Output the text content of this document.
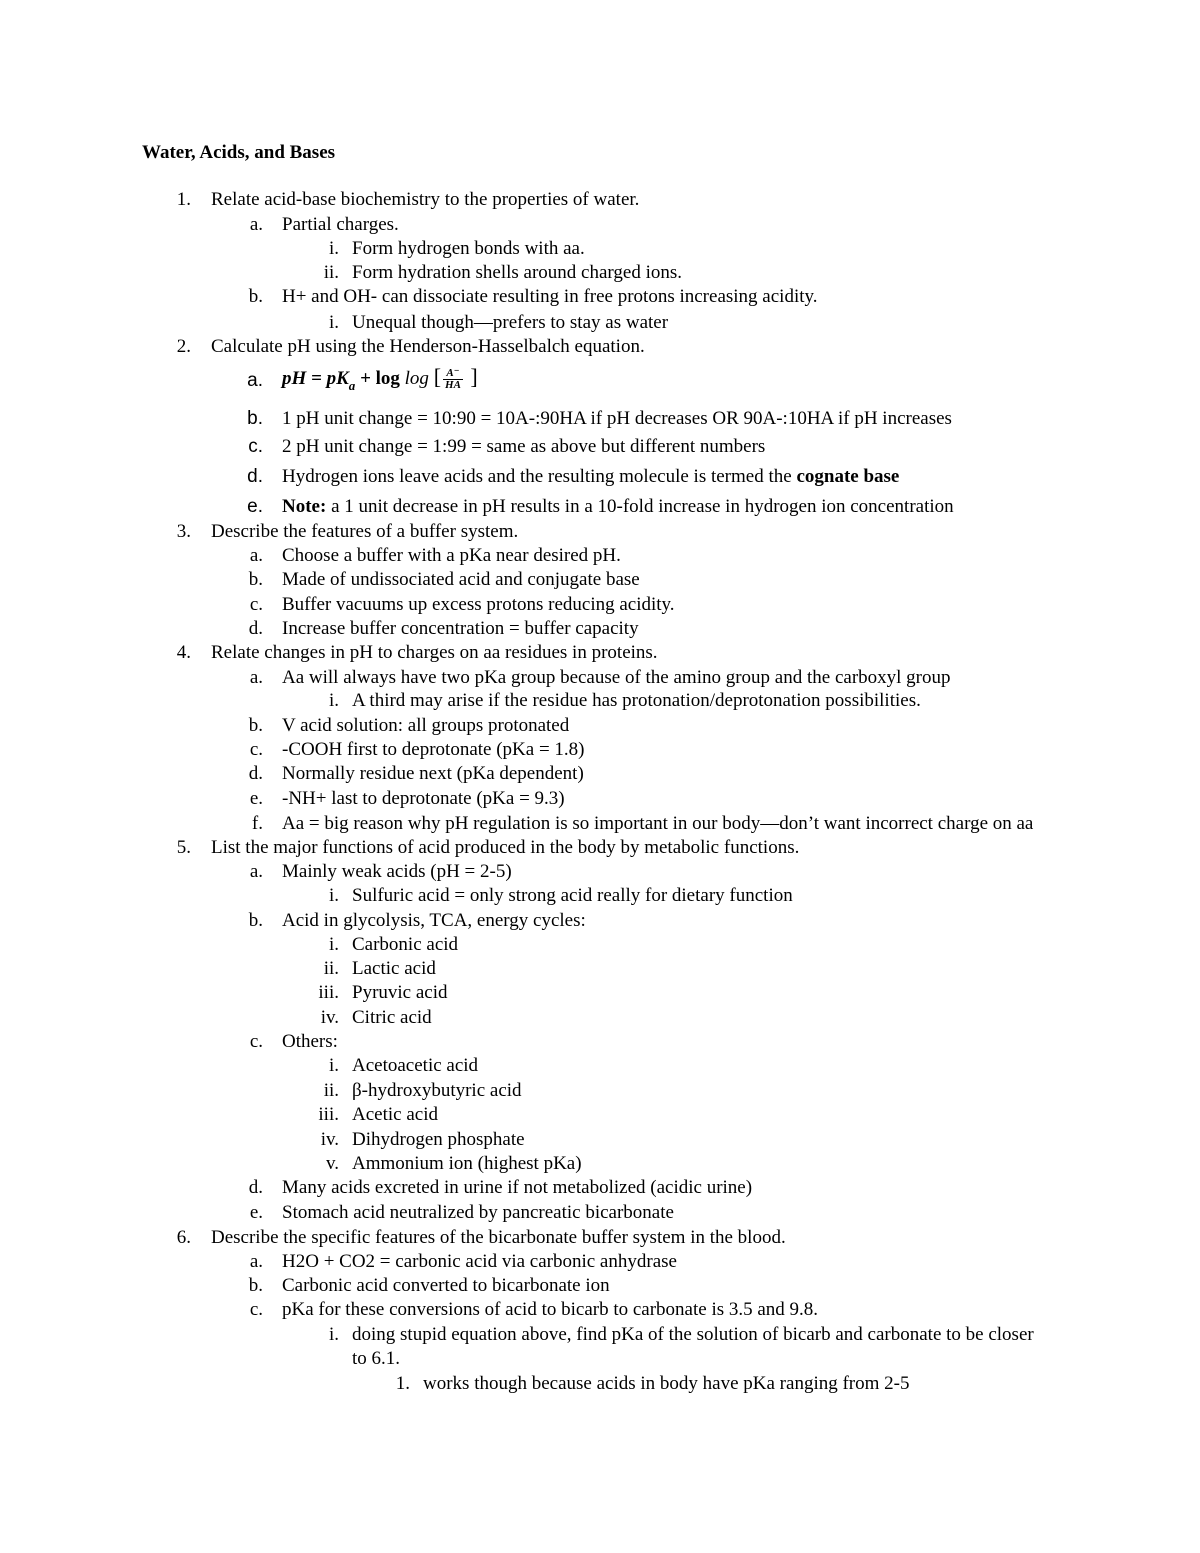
Water, Acids, and Bases
1. Relate acid-base biochemistry to the properties of water.
a. Partial charges.
i. Form hydrogen bonds with aa.
ii. Form hydration shells around charged ions.
b. H+ and OH- can dissociate resulting in free protons increasing acidity.
i. Unequal though—prefers to stay as water
2. Calculate pH using the Henderson-Hasselbalch equation.
a. pH = $pK_a + \log \log$ [ $\frac{A^-}{HA}$ ]
b. 1 pH unit change = 10:90 = 10A-:90HA if pH decreases OR 90A-:10HA if pH increases
c. 2 pH unit change = 1:99 = same as above but different numbers
d. Hydrogen ions leave acids and the resulting molecule is termed the cognate base
e. Note: a 1 unit decrease in pH results in a 10-fold increase in hydrogen ion concentration
3. Describe the features of a buffer system.
a. Choose a buffer with a pKa near desired pH.
b. Made of undissociated acid and conjugate base
c. Buffer vacuums up excess protons reducing acidity.
d. Increase buffer concentration = buffer capacity
4. Relate changes in pH to charges on aa residues in proteins.
a. Aa will always have two pKa group because of the amino group and the carboxyl group
i. A third may arise if the residue has protonation/deprotonation possibilities.
b. V acid solution: all groups protonated
c. -COOH first to deprotonate (pKa = 1.8)
d. Normally residue next (pKa dependent)
e. -NH+ last to deprotonate (pKa = 9.3)
f. Aa = big reason why pH regulation is so important in our body—don’t want incorrect charge on aa
5. List the major functions of acid produced in the body by metabolic functions.
a. Mainly weak acids (pH = 2-5)
i. Sulfuric acid = only strong acid really for dietary function
b. Acid in glycolysis, TCA, energy cycles:
i. Carbonic acid
ii. Lactic acid
iii. Pyruvic acid
iv. Citric acid
c. Others:
i. Acetoacetic acid
ii. β-hydroxybutyric acid
iii. Acetic acid
iv. Dihydrogen phosphate
v. Ammonium ion (highest pKa)
d. Many acids excreted in urine if not metabolized (acidic urine)
e. Stomach acid neutralized by pancreatic bicarbonate
6. Describe the specific features of the bicarbonate buffer system in the blood.
a. H2O + CO2 = carbonic acid via carbonic anhydrase
b. Carbonic acid converted to bicarbonate ion
c. pKa for these conversions of acid to bicarb to carbonate is 3.5 and 9.8.
i. doing stupid equation above, find pKa of the solution of bicarb and carbonate to be closer
to 6.1.
1. works though because acids in body have pKa ranging from 2-5
